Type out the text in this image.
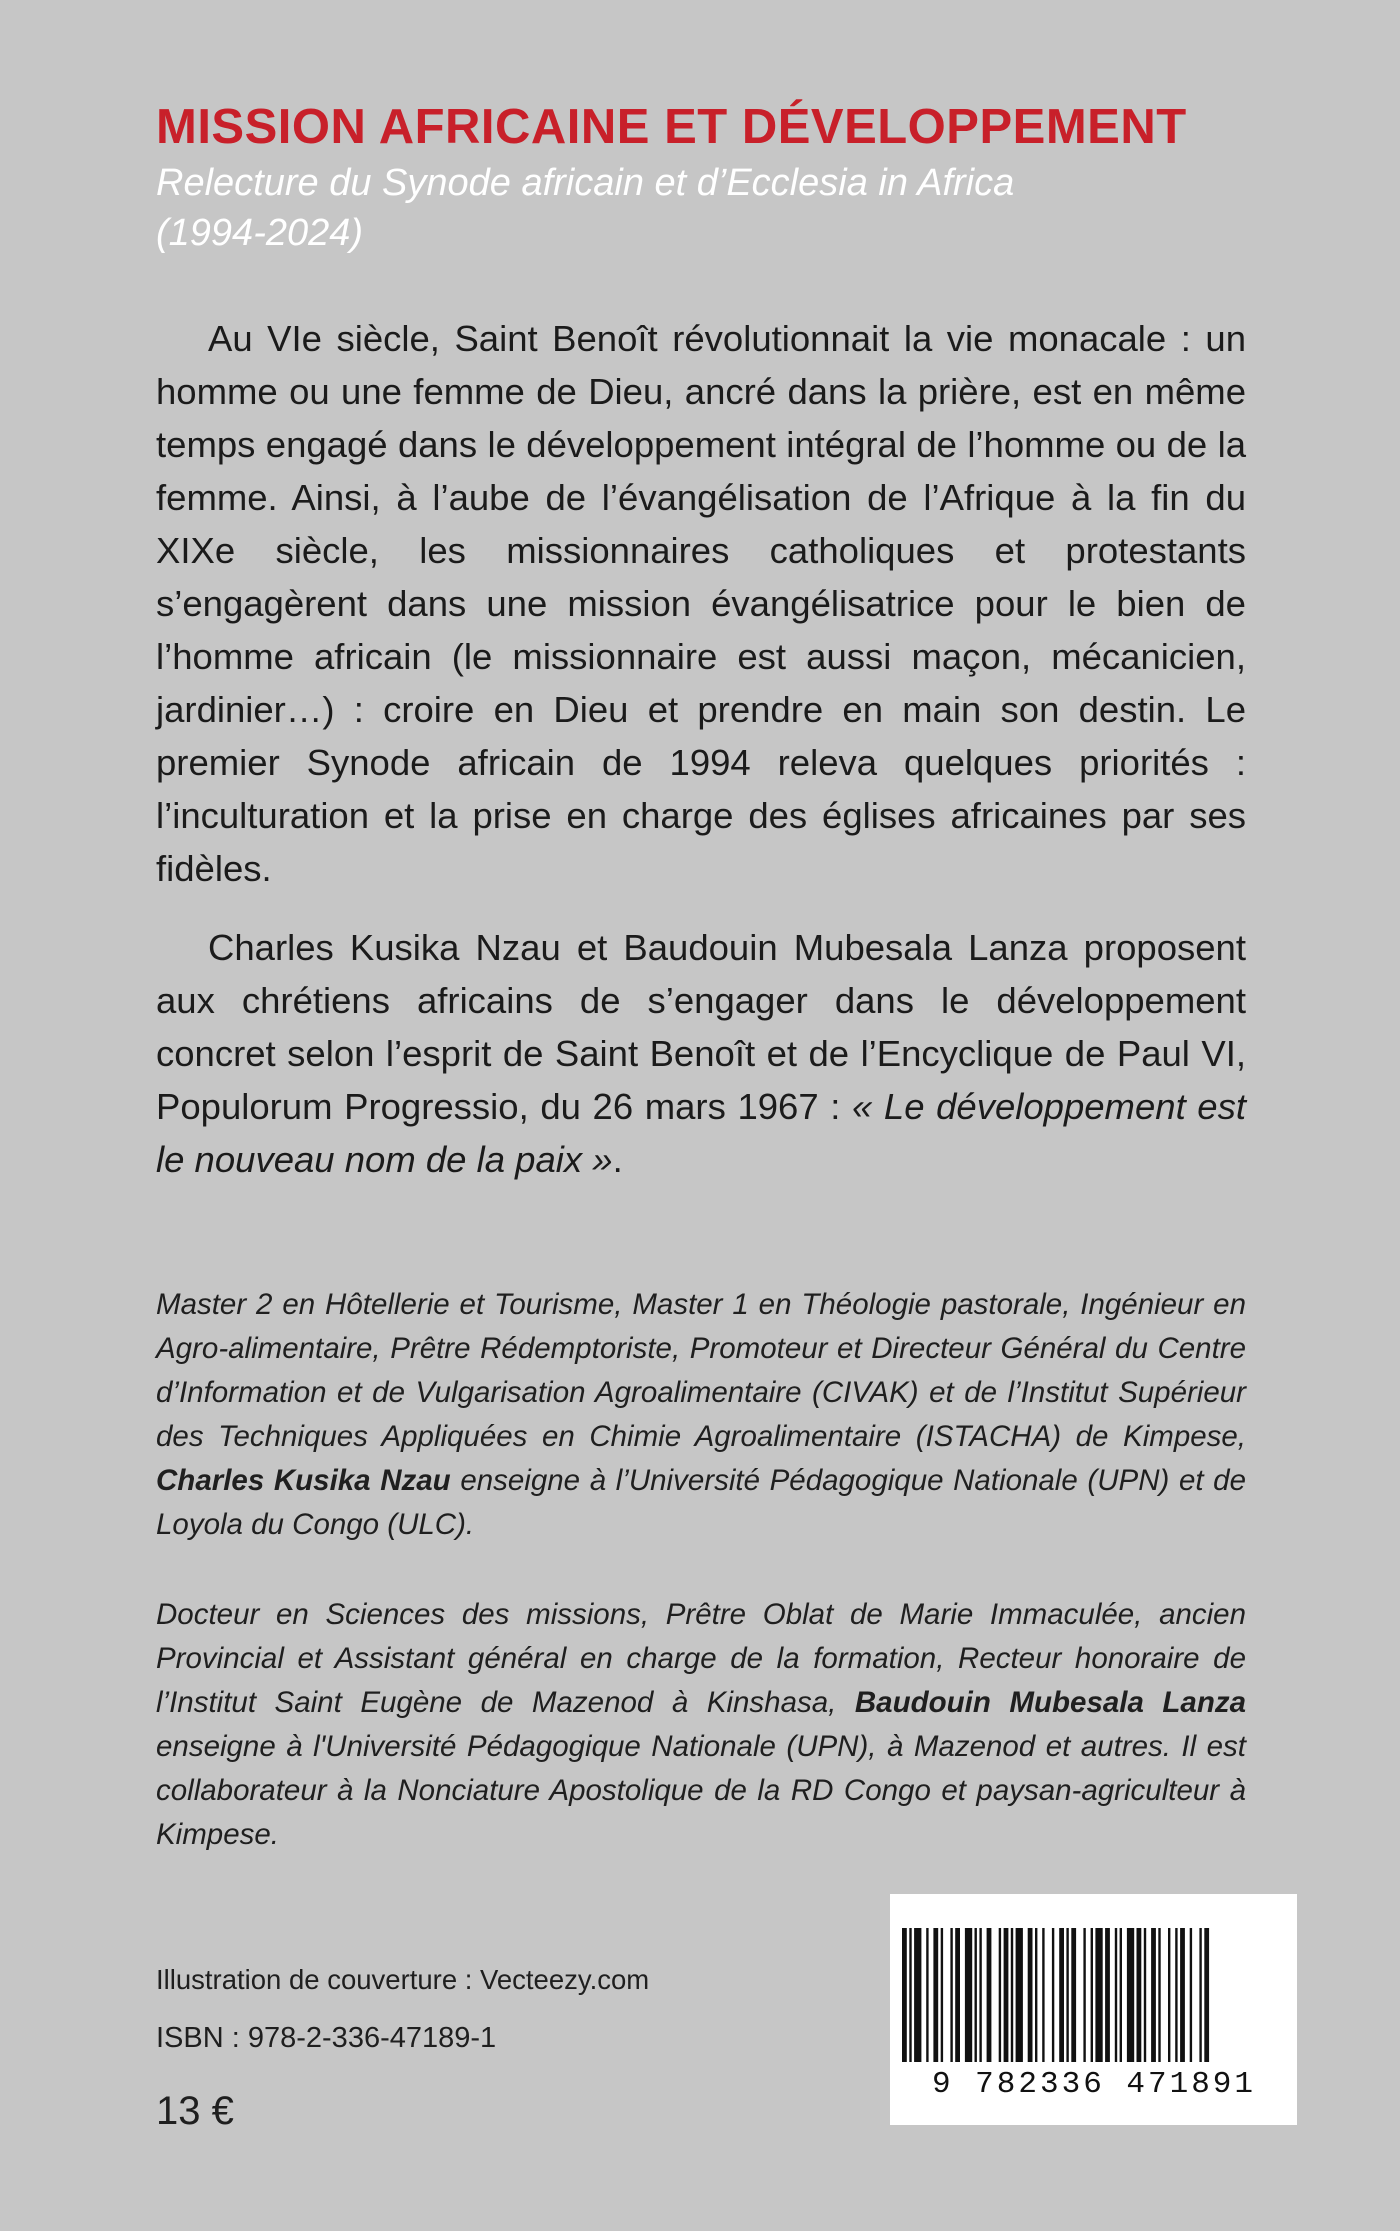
MISSION AFRICAINE ET DÉVELOPPEMENT

Relecture du Synode africain et d’Ecclesia in Africa

(1994-2024)

Au VIe siècle, Saint Benoît révolutionnait la vie monacale : un homme ou une femme de Dieu, ancré dans la prière, est en même temps engagé dans le développement intégral de l’homme ou de la femme. Ainsi, à l’aube de l’évangélisation de l’Afrique à la fin du XIXe siècle, les missionnaires catholiques et protestants s’engagèrent dans une mission évangélisatrice pour le bien de l’homme africain (le missionnaire est aussi maçon, mécanicien, jardinier…) : croire en Dieu et prendre en main son destin. Le premier Synode africain de 1994 releva quelques priorités : l’inculturation et la prise en charge des églises africaines par ses fidèles.

Charles Kusika Nzau et Baudouin Mubesala Lanza proposent aux chrétiens africains de s’engager dans le développement concret selon l’esprit de Saint Benoît et de l’Encyclique de Paul VI, Populorum Progressio, du 26 mars 1967 : « Le développement est le nouveau nom de la paix ».

Master 2 en Hôtellerie et Tourisme, Master 1 en Théologie pastorale, Ingénieur en Agro-alimentaire, Prêtre Rédemptoriste, Promoteur et Directeur Général du Centre d’Information et de Vulgarisation Agroalimentaire (CIVAK) et de l’Institut Supérieur des Techniques Appliquées en Chimie Agroalimentaire (ISTACHA) de Kimpese, Charles Kusika Nzau enseigne à l’Université Pédagogique Nationale (UPN) et de Loyola du Congo (ULC).

Docteur en Sciences des missions, Prêtre Oblat de Marie Immaculée, ancien Provincial et Assistant général en charge de la formation, Recteur honoraire de l’Institut Saint Eugène de Mazenod à Kinshasa, Baudouin Mubesala Lanza enseigne à l'Université Pédagogique Nationale (UPN), à Mazenod et autres. Il est collaborateur à la Nonciature Apostolique de la RD Congo et paysan-agriculteur à Kimpese.

Illustration de couverture : Vecteezy.com

ISBN : 978-2-336-47189-1

13 €

9 782336 471891
